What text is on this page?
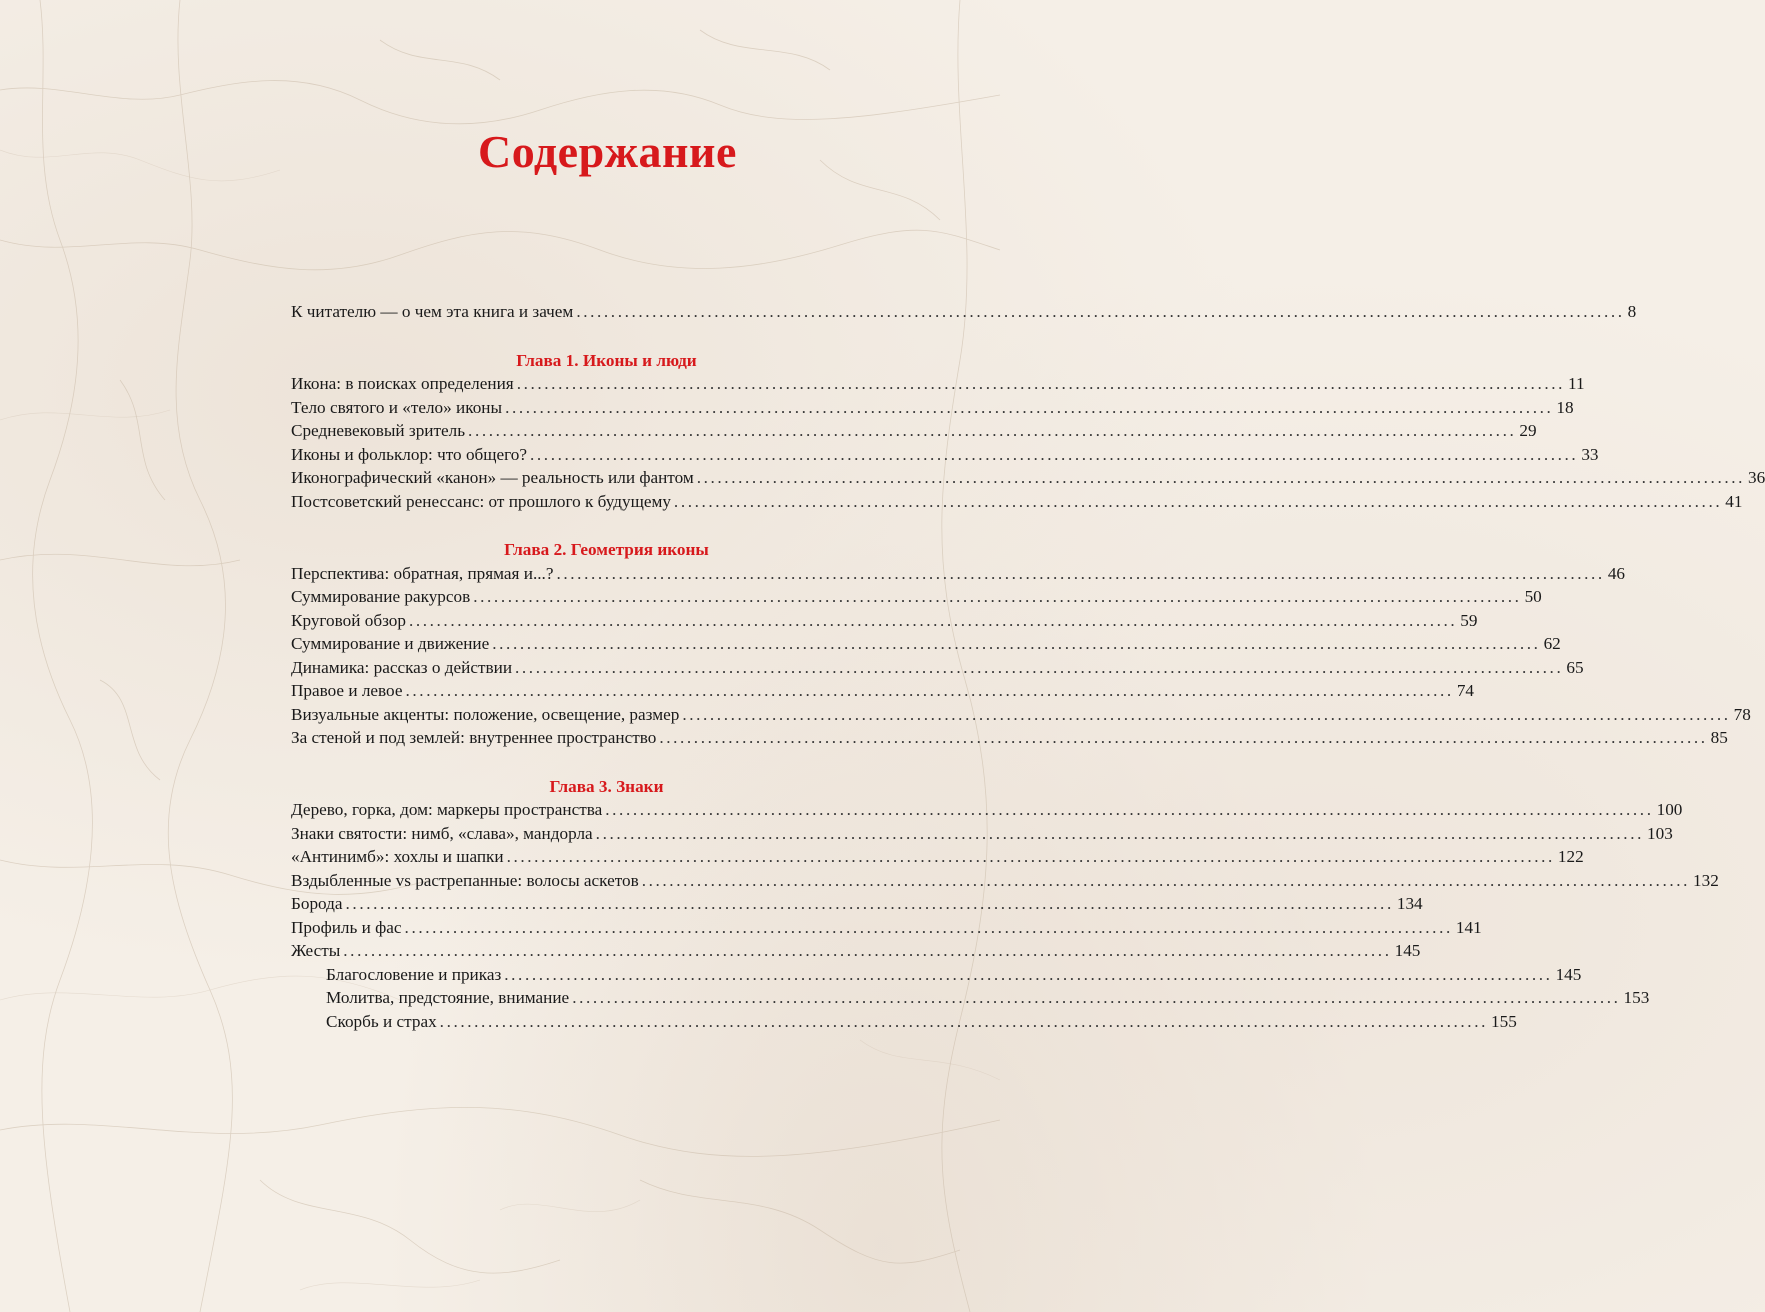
Содержание
К читателю — о чем эта книга и зачем ........................................................................................................................................................ 8
Глава 1. Иконы и люди
Икона: в поисках определения ........................................................................................................................................................ 11
Тело святого и «тело» иконы ........................................................................................................................................................ 18
Средневековый зритель ........................................................................................................................................................ 29
Иконы и фольклор: что общего? ........................................................................................................................................................ 33
Иконографический «канон» — реальность или фантом ........................................................................................................................................................ 36
Постсоветский ренессанс: от прошлого к будущему ........................................................................................................................................................ 41
Глава 2. Геометрия иконы
Перспектива: обратная, прямая и...? ........................................................................................................................................................ 46
Суммирование ракурсов ........................................................................................................................................................ 50
Круговой обзор ........................................................................................................................................................ 59
Суммирование и движение ........................................................................................................................................................ 62
Динамика: рассказ о действии ........................................................................................................................................................ 65
Правое и левое ........................................................................................................................................................ 74
Визуальные акценты: положение, освещение, размер ........................................................................................................................................................ 78
За стеной и под землей: внутреннее пространство ........................................................................................................................................................ 85
Глава 3. Знаки
Дерево, горка, дом: маркеры пространства ........................................................................................................................................................ 100
Знаки святости: нимб, «слава», мандорла ........................................................................................................................................................ 103
«Антинимб»: хохлы и шапки ........................................................................................................................................................ 122
Вздыбленные vs растрепанные: волосы аскетов ........................................................................................................................................................ 132
Борода ........................................................................................................................................................ 134
Профиль и фас ........................................................................................................................................................ 141
Жесты ........................................................................................................................................................ 145
Благословение и приказ ........................................................................................................................................................ 145
Молитва, предстояние, внимание ........................................................................................................................................................ 153
Скорбь и страх ........................................................................................................................................................ 155
